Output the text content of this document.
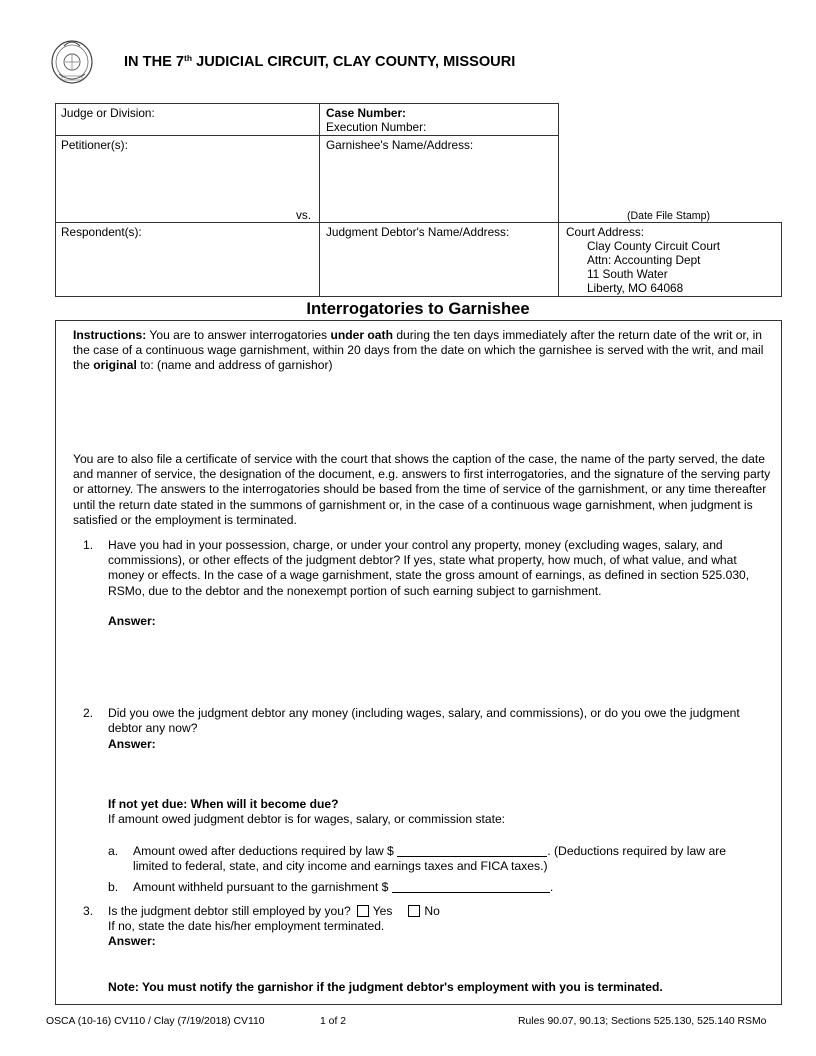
IN THE 7th JUDICIAL CIRCUIT, CLAY COUNTY, MISSOURI
Judge or Division:	Case Number:
Execution Number:
Petitioner(s):	Garnishee's Name/Address:
vs.	(Date File Stamp)
Respondent(s):	Judgment Debtor's Name/Address:	Court Address:
Clay County Circuit Court
Attn: Accounting Dept
11 South Water
Liberty, MO 64068
Interrogatories to Garnishee
Instructions: You are to answer interrogatories under oath during the ten days immediately after the return date of the writ or, in the case of a continuous wage garnishment, within 20 days from the date on which the garnishee is served with the writ, and mail the original to: (name and address of garnishor)
You are to also file a certificate of service with the court that shows the caption of the case, the name of the party served, the date and manner of service, the designation of the document, e.g. answers to first interrogatories, and the signature of the serving party or attorney. The answers to the interrogatories should be based from the time of service of the garnishment, or any time thereafter until the return date stated in the summons of garnishment or, in the case of a continuous wage garnishment, when judgment is satisfied or the employment is terminated.
1. Have you had in your possession, charge, or under your control any property, money (excluding wages, salary, and commissions), or other effects of the judgment debtor? If yes, state what property, how much, of what value, and what money or effects. In the case of a wage garnishment, state the gross amount of earnings, as defined in section 525.030, RSMo, due to the debtor and the nonexempt portion of such earning subject to garnishment.
Answer:
2. Did you owe the judgment debtor any money (including wages, salary, and commissions), or do you owe the judgment debtor any now?
Answer:
If not yet due: When will it become due?
If amount owed judgment debtor is for wages, salary, or commission state:
a. Amount owed after deductions required by law $	. (Deductions required by law are limited to federal, state, and city income and earnings taxes and FICA taxes.)
b. Amount withheld pursuant to the garnishment $	.
3. Is the judgment debtor still employed by you? Yes	No
If no, state the date his/her employment terminated.
Answer:
Note: You must notify the garnishor if the judgment debtor's employment with you is terminated.
OSCA (10-16) CV110 / Clay (7/19/2018) CV110	1 of 2	Rules 90.07, 90.13; Sections 525.130, 525.140 RSMo
